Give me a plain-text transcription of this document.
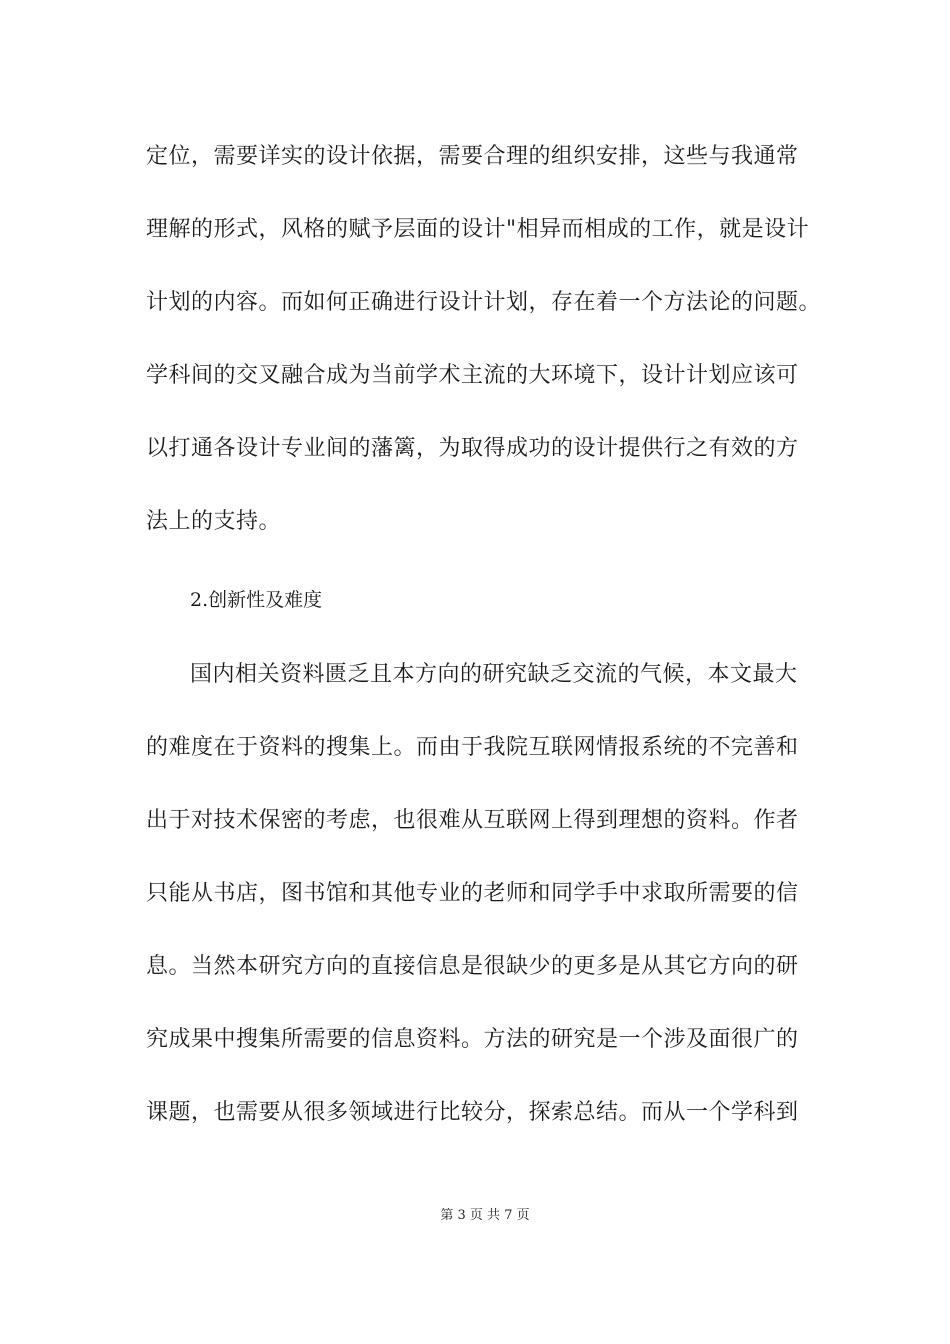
定位，需要详实的设计依据，需要合理的组织安排，这些与我通常
理解的形式，风格的赋予层面的设计"相异而相成的工作，就是设计
计划的内容。而如何正确进行设计计划，存在着一个方法论的问题。
学科间的交叉融合成为当前学术主流的大环境下，设计计划应该可
以打通各设计专业间的藩篱，为取得成功的设计提供行之有效的方
法上的支持。
2.创新性及难度
国内相关资料匮乏且本方向的研究缺乏交流的气候，本文最大
的难度在于资料的搜集上。而由于我院互联网情报系统的不完善和
出于对技术保密的考虑，也很难从互联网上得到理想的资料。作者
只能从书店，图书馆和其他专业的老师和同学手中求取所需要的信
息。当然本研究方向的直接信息是很缺少的更多是从其它方向的研
究成果中搜集所需要的信息资料。方法的研究是一个涉及面很广的
课题，也需要从很多领域进行比较分，探索总结。而从一个学科到
第 3 页 共 7 页
